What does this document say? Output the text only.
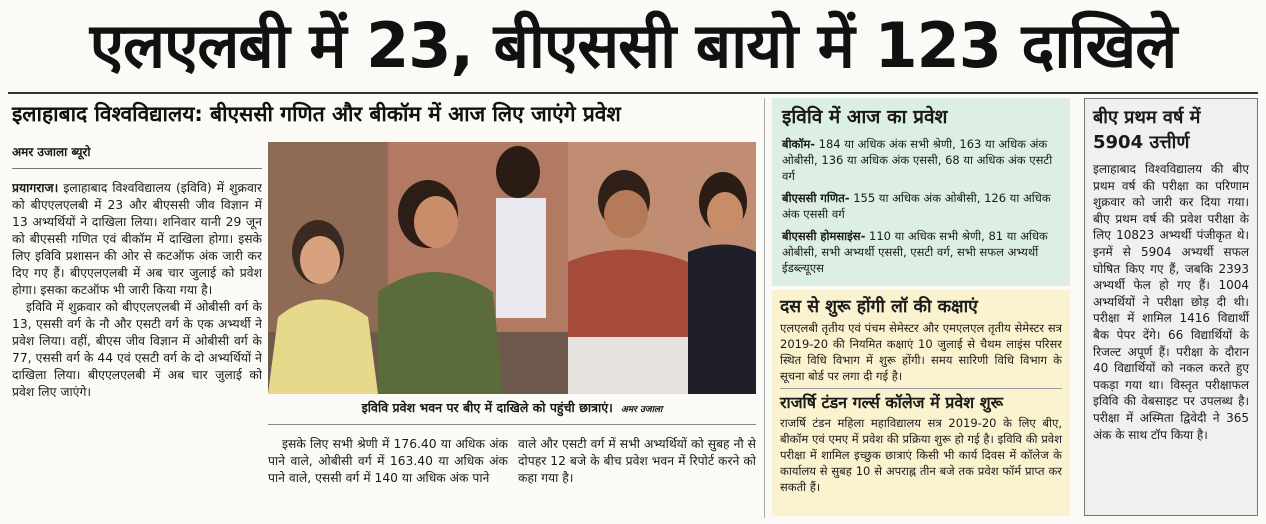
एलएलबी में 23, बीएससी बायो में 123 दाखिले
इलाहाबाद विश्वविद्यालय: बीएससी गणित और बीकॉम में आज लिए जाएंगे प्रवेश
अमर उजाला ब्यूरो

प्रयागराज। इलाहाबाद विश्वविद्यालय (इविवि) में शुक्रवार को बीएएलएलबी में 23 और बीएससी जीव विज्ञान में 13 अभ्यर्थियों ने दाखिला लिया। शनिवार यानी 29 जून को बीएससी गणित एवं बीकॉम में दाखिला होगा। इसके लिए इविवि प्रशासन की ओर से कटऑफ अंक जारी कर दिए गए हैं। बीएएलएलबी में अब चार जुलाई को प्रवेश होगा। इसका कटऑफ भी जारी किया गया है।

इविवि में शुक्रवार को बीएएलएलबी में ओबीसी वर्ग के 13, एससी वर्ग के नौ और एसटी वर्ग के एक अभ्यर्थी ने प्रवेश लिया। वहीं, बीएस जीव विज्ञान में ओबीसी वर्ग के 77, एससी वर्ग के 44 एवं एसटी वर्ग के दो अभ्यर्थियों ने दाखिला लिया। बीएएलएलबी में अब चार जुलाई को प्रवेश लिए जाएंगे।

इविवि प्रवेश भवन पर बीए में दाखिले को पहुंची छात्राएं। अमर उजाला
इसके लिए सभी श्रेणी में 176.40 या अधिक अंक पाने वाले, ओबीसी वर्ग में 163.40 या अधिक अंक पाने वाले, एससी वर्ग में 140 या अधिक अंक पाने
वाले और एसटी वर्ग में सभी अभ्यर्थियों को सुबह नौ से दोपहर 12 बजे के बीच प्रवेश भवन में रिपोर्ट करने को कहा गया है।
इविवि में आज का प्रवेश
बीकॉम- 184 या अधिक अंक सभी श्रेणी, 163 या अधिक अंक ओबीसी, 136 या अधिक अंक एससी, 68 या अधिक अंक एसटी वर्ग
बीएससी गणित- 155 या अधिक अंक ओबीसी, 126 या अधिक अंक एससी वर्ग
बीएससी होमसाइंस- 110 या अधिक सभी श्रेणी, 81 या अधिक ओबीसी, सभी अभ्यर्थी एससी, एसटी वर्ग, सभी सफल अभ्यर्थी ईडब्ल्यूएस
दस से शुरू होंगी लॉ की कक्षाएं
एलएलबी तृतीय एवं पंचम सेमेस्टर और एमएलएल तृतीय सेमेस्टर सत्र 2019-20 की नियमित कक्षाएं 10 जुलाई से चैथम लाइंस परिसर स्थित विधि विभाग में शुरू होंगी। समय सारिणी विधि विभाग के सूचना बोर्ड पर लगा दी गई है।
राजर्षि टंडन गर्ल्स कॉलेज में प्रवेश शुरू
राजर्षि टंडन महिला महाविद्यालय सत्र 2019-20 के लिए बीए, बीकॉम एवं एमए में प्रवेश की प्रक्रिया शुरू हो गई है। इविवि की प्रवेश परीक्षा में शामिल इच्छुक छात्राएं किसी भी कार्य दिवस में कॉलेज के कार्यालय से सुबह 10 से अपराह्न तीन बजे तक प्रवेश फॉर्म प्राप्त कर सकती हैं।
बीए प्रथम वर्ष में 5904 उत्तीर्ण
इलाहाबाद विश्वविद्यालय की बीए प्रथम वर्ष की परीक्षा का परिणाम शुक्रवार को जारी कर दिया गया। बीए प्रथम वर्ष की प्रवेश परीक्षा के लिए 10823 अभ्यर्थी पंजीकृत थे। इनमें से 5904 अभ्यर्थी सफल घोषित किए गए हैं, जबकि 2393 अभ्यर्थी फेल हो गए हैं। 1004 अभ्यर्थियों ने परीक्षा छोड़ दी थी। परीक्षा में शामिल 1416 विद्यार्थी बैक पेपर देंगे। 66 विद्यार्थियों के रिजल्ट अपूर्ण हैं। परीक्षा के दौरान 40 विद्यार्थियों को नकल करते हुए पकड़ा गया था। विस्तृत परीक्षाफल इविवि की वेबसाइट पर उपलब्ध है। परीक्षा में अस्मिता द्विवेदी ने 365 अंक के साथ टॉप किया है।
